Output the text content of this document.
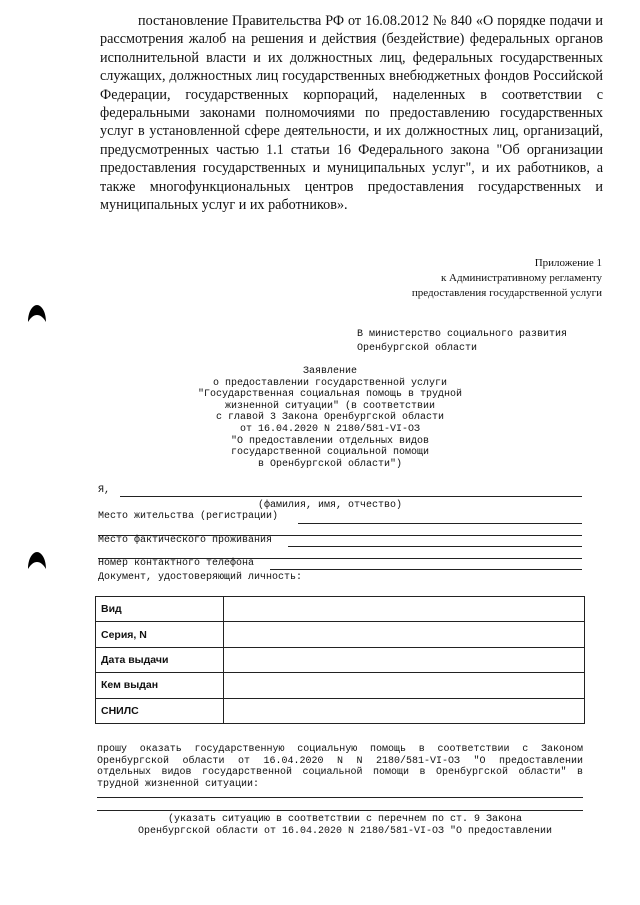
постановление Правительства РФ от 16.08.2012 № 840 «О порядке подачи и рассмотрения жалоб на решения и действия (бездействие) федеральных органов исполнительной власти и их должностных лиц, федеральных государственных служащих, должностных лиц государственных внебюджетных фондов Российской Федерации, государственных корпораций, наделенных в соответствии с федеральными законами полномочиями по предоставлению государственных услуг в установленной сфере деятельности, и их должностных лиц, организаций, предусмотренных частью 1.1 статьи 16 Федерального закона "Об организации предоставления государственных и муниципальных услуг", и их работников, а также многофункциональных центров предоставления государственных и муниципальных услуг и их работников».
Приложение 1
к Административному регламенту
предоставления государственной услуги
В министерство социального развития
Оренбургской области
Заявление
о предоставлении государственной услуги
"Государственная социальная помощь в трудной
жизненной ситуации" (в соответствии
с главой 3 Закона Оренбургской области
от 16.04.2020 N 2180/581-VI-ОЗ
"О предоставлении отдельных видов
государственной социальной помощи
в Оренбургской области")
Я,
(фамилия, имя, отчество)
Место жительства (регистрации)
Место фактического проживания
Номер контактного телефона
Документ, удостоверяющий личность:
Вид	
Серия, N	
Дата выдачи	
Кем выдан	
СНИЛС	
прошу оказать государственную социальную помощь в соответствии с Законом Оренбургской области от 16.04.2020 N N 2180/581-VI-ОЗ "О предоставлении отдельных видов государственной социальной помощи в Оренбургской области" в трудной жизненной ситуации:
(указать ситуацию в соответствии с перечнем по ст. 9 Закона
Оренбургской области от 16.04.2020 N 2180/581-VI-ОЗ "О предоставлении
